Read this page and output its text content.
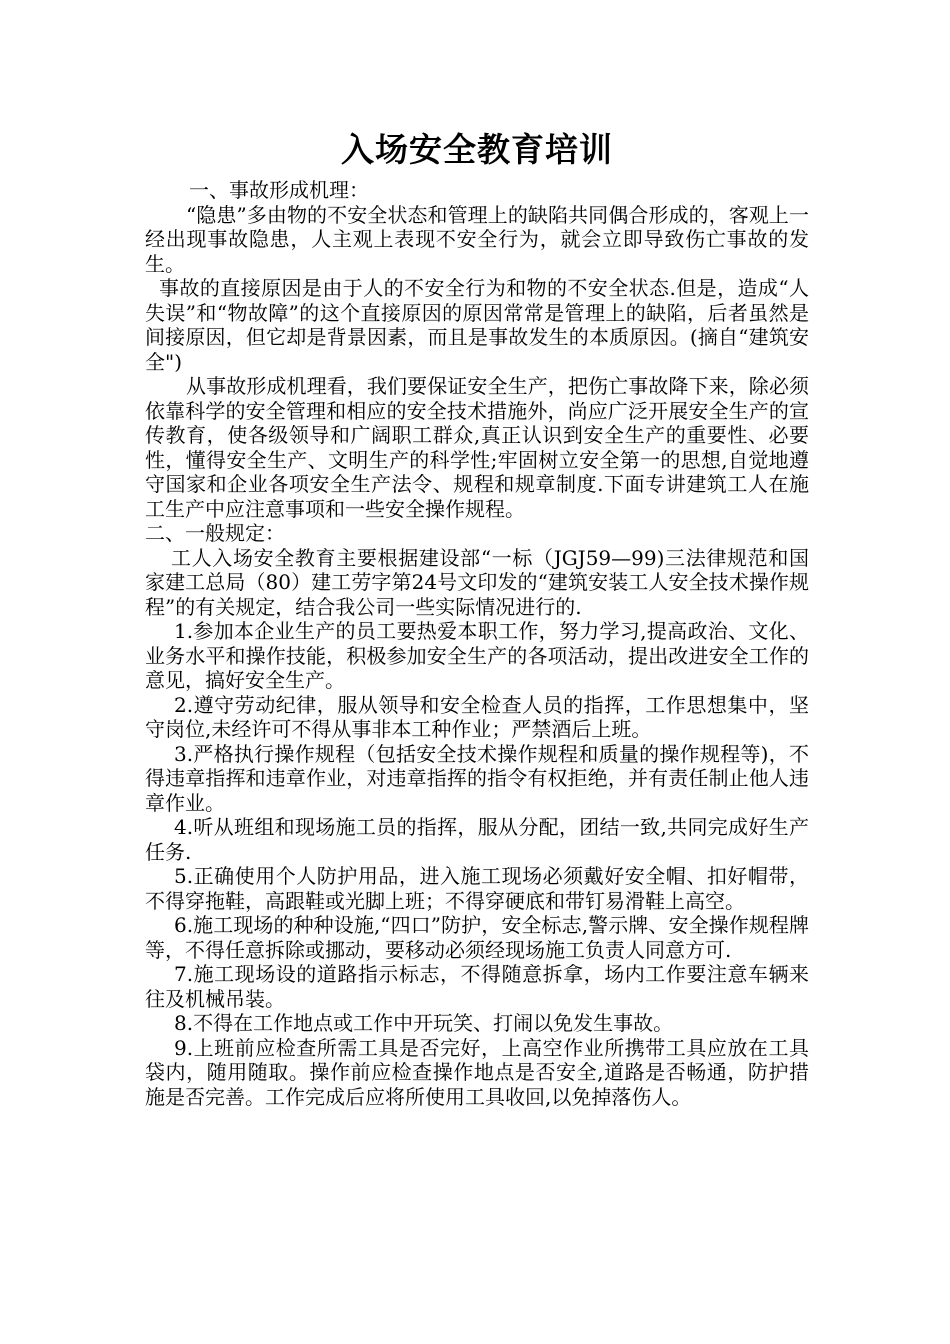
入场安全教育培训

一、事故形成机理：

“隐患”多由物的不安全状态和管理上的缺陷共同偶合形成的，客观上一经出现事故隐患，人主观上表现不安全行为，就会立即导致伤亡事故的发生。

事故的直接原因是由于人的不安全行为和物的不安全状态.但是，造成“人失误”和“物故障”的这个直接原因的原因常常是管理上的缺陷，后者虽然是间接原因，但它却是背景因素，而且是事故发生的本质原因。(摘自“建筑安全")

从事故形成机理看，我们要保证安全生产，把伤亡事故降下来，除必须依靠科学的安全管理和相应的安全技术措施外，尚应广泛开展安全生产的宣传教育，使各级领导和广阔职工群众,真正认识到安全生产的重要性、必要性，懂得安全生产、文明生产的科学性;牢固树立安全第一的思想,自觉地遵守国家和企业各项安全生产法令、规程和规章制度.下面专讲建筑工人在施工生产中应注意事项和一些安全操作规程。

二、一般规定：

工人入场安全教育主要根据建设部“一标（JGJ59—99)三法律规范和国家建工总局（80）建工劳字第24号文印发的“建筑安装工人安全技术操作规程”的有关规定，结合我公司一些实际情况进行的.

1.参加本企业生产的员工要热爱本职工作，努力学习,提高政治、文化、业务水平和操作技能，积极参加安全生产的各项活动，提出改进安全工作的意见，搞好安全生产。

2.遵守劳动纪律，服从领导和安全检查人员的指挥，工作思想集中，坚守岗位,未经许可不得从事非本工种作业；严禁酒后上班。

3.严格执行操作规程（包括安全技术操作规程和质量的操作规程等)，不得违章指挥和违章作业，对违章指挥的指令有权拒绝，并有责任制止他人违章作业。

4.听从班组和现场施工员的指挥，服从分配，团结一致,共同完成好生产任务.

5.正确使用个人防护用品，进入施工现场必须戴好安全帽、扣好帽带，不得穿拖鞋，高跟鞋或光脚上班；不得穿硬底和带钉易滑鞋上高空。

6.施工现场的种种设施,“四口”防护，安全标志,警示牌、安全操作规程牌等，不得任意拆除或挪动，要移动必须经现场施工负责人同意方可.

7.施工现场设的道路指示标志，不得随意拆拿，场内工作要注意车辆来往及机械吊装。

8.不得在工作地点或工作中开玩笑、打闹以免发生事故。

9.上班前应检查所需工具是否完好，上高空作业所携带工具应放在工具袋内，随用随取。操作前应检查操作地点是否安全,道路是否畅通，防护措施是否完善。工作完成后应将所使用工具收回,以免掉落伤人。
